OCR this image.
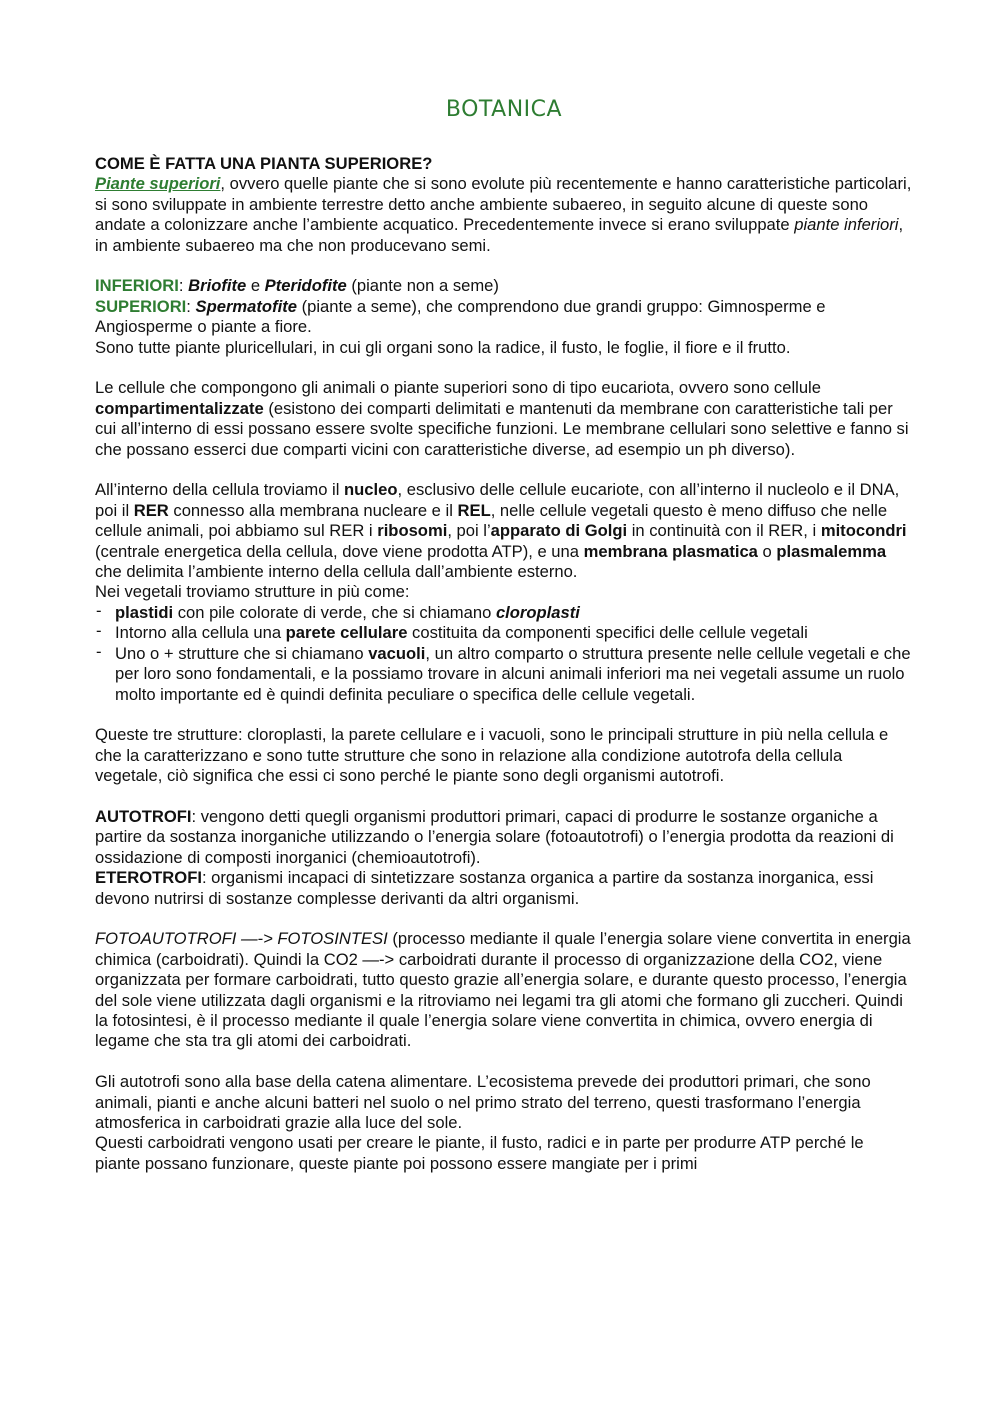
BOTANICA

COME È FATTA UNA PIANTA SUPERIORE?

Piante superiori, ovvero quelle piante che si sono evolute più recentemente e hanno caratteristiche particolari, si sono sviluppate in ambiente terrestre detto anche ambiente subaereo, in seguito alcune di queste sono andate a colonizzare anche l’ambiente acquatico. Precedentemente invece si erano sviluppate piante inferiori, in ambiente subaereo ma che non producevano semi.

INFERIORI: Briofite e Pteridofite (piante non a seme)

SUPERIORI: Spermatofite (piante a seme), che comprendono due grandi gruppo: Gimnosperme e Angiosperme o piante a fiore.

Sono tutte piante pluricellulari, in cui gli organi sono la radice, il fusto, le foglie, il fiore e il frutto.

Le cellule che compongono gli animali o piante superiori sono di tipo eucariota, ovvero sono cellule compartimentalizzate (esistono dei comparti delimitati e mantenuti da membrane con caratteristiche tali per cui all’interno di essi possano essere svolte specifiche funzioni. Le membrane cellulari sono selettive e fanno si che possano esserci due comparti vicini con caratteristiche diverse, ad esempio un ph diverso).

All’interno della cellula troviamo il nucleo, esclusivo delle cellule eucariote, con all’interno il nucleolo e il DNA, poi il RER connesso alla membrana nucleare e il REL, nelle cellule vegetali questo è meno diffuso che nelle cellule animali, poi abbiamo sul RER i ribosomi, poi l’apparato di Golgi in continuità con il RER, i mitocondri (centrale energetica della cellula, dove viene prodotta ATP), e una membrana plasmatica o plasmalemma che delimita l’ambiente interno della cellula dall’ambiente esterno.

Nei vegetali troviamo strutture in più come:

- plastidi con pile colorate di verde, che si chiamano cloroplasti
- Intorno alla cellula una parete cellulare costituita da componenti specifici delle cellule vegetali
- Uno o + strutture che si chiamano vacuoli, un altro comparto o struttura presente nelle cellule vegetali e che per loro sono fondamentali, e la possiamo trovare in alcuni animali inferiori ma nei vegetali assume un ruolo molto importante ed è quindi definita peculiare o specifica delle cellule vegetali.

Queste tre strutture: cloroplasti, la parete cellulare e i vacuoli, sono le principali strutture in più nella cellula e che la caratterizzano e sono tutte strutture che sono in relazione alla condizione autotrofa della cellula vegetale, ciò significa che essi ci sono perché le piante sono degli organismi autotrofi.

AUTOTROFI: vengono detti quegli organismi produttori primari, capaci di produrre le sostanze organiche a partire da sostanza inorganiche utilizzando o l’energia solare (fotoautotrofi) o l’energia prodotta da reazioni di ossidazione di composti inorganici (chemioautotrofi).

ETEROTROFI: organismi incapaci di sintetizzare sostanza organica a partire da sostanza inorganica, essi devono nutrirsi di sostanze complesse derivanti da altri organismi.

FOTOAUTOTROFI —-> FOTOSINTESI (processo mediante il quale l’energia solare viene convertita in energia chimica (carboidrati). Quindi la CO2 —-> carboidrati durante il processo di organizzazione della CO2, viene organizzata per formare carboidrati, tutto questo grazie all’energia solare, e durante questo processo, l’energia del sole viene utilizzata dagli organismi e la ritroviamo nei legami tra gli atomi che formano gli zuccheri. Quindi la fotosintesi, è il processo mediante il quale l’energia solare viene convertita in chimica, ovvero energia di legame che sta tra gli atomi dei carboidrati.

Gli autotrofi sono alla base della catena alimentare. L’ecosistema prevede dei produttori primari, che sono animali, pianti e anche alcuni batteri nel suolo o nel primo strato del terreno, questi trasformano l’energia atmosferica in carboidrati grazie alla luce del sole.

Questi carboidrati vengono usati per creare le piante, il fusto, radici e in parte per produrre ATP perché le piante possano funzionare, queste piante poi possono essere mangiate per i primi
